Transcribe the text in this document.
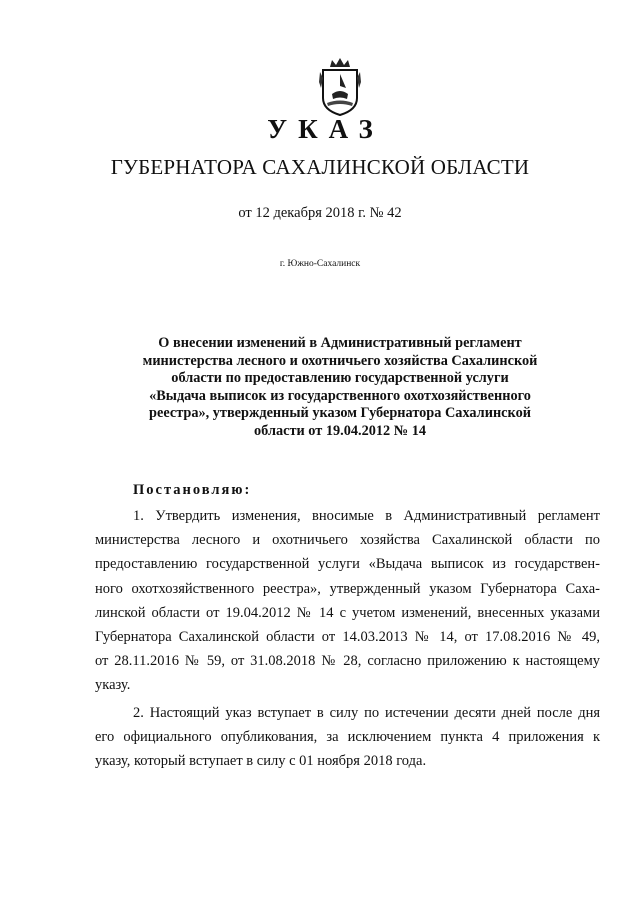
УКАЗ
ГУБЕРНАТОРА САХАЛИНСКОЙ ОБЛАСТИ
от 12 декабря 2018 г. № 42
г. Южно-Сахалинск
О внесении изменений в Административный регламент
министерства лесного и охотничьего хозяйства Сахалинской
области по предоставлению государственной услуги
«Выдача выписок из государственного охотхозяйственного
реестра», утвержденный указом Губернатора Сахалинской
области от 19.04.2012 № 14
Постановляю:

1. Утвердить изменения, вносимые в Административный регламент
министерства лесного и охотничьего хозяйства Сахалинской области по
предоставлению государственной услуги «Выдача выписок из государствен-
ного охотхозяйственного реестра», утвержденный указом Губернатора Саха-
линской области от 19.04.2012 № 14 с учетом изменений, внесенных указами
Губернатора Сахалинской области от 14.03.2013 № 14, от 17.08.2016 № 49,
от 28.11.2016 № 59, от 31.08.2018 № 28, согласно приложению к настоящему
указу.

2. Настоящий указ вступает в силу по истечении десяти дней после дня
его официального опубликования, за исключением пункта 4 приложения к
указу, который вступает в силу с 01 ноября 2018 года.
